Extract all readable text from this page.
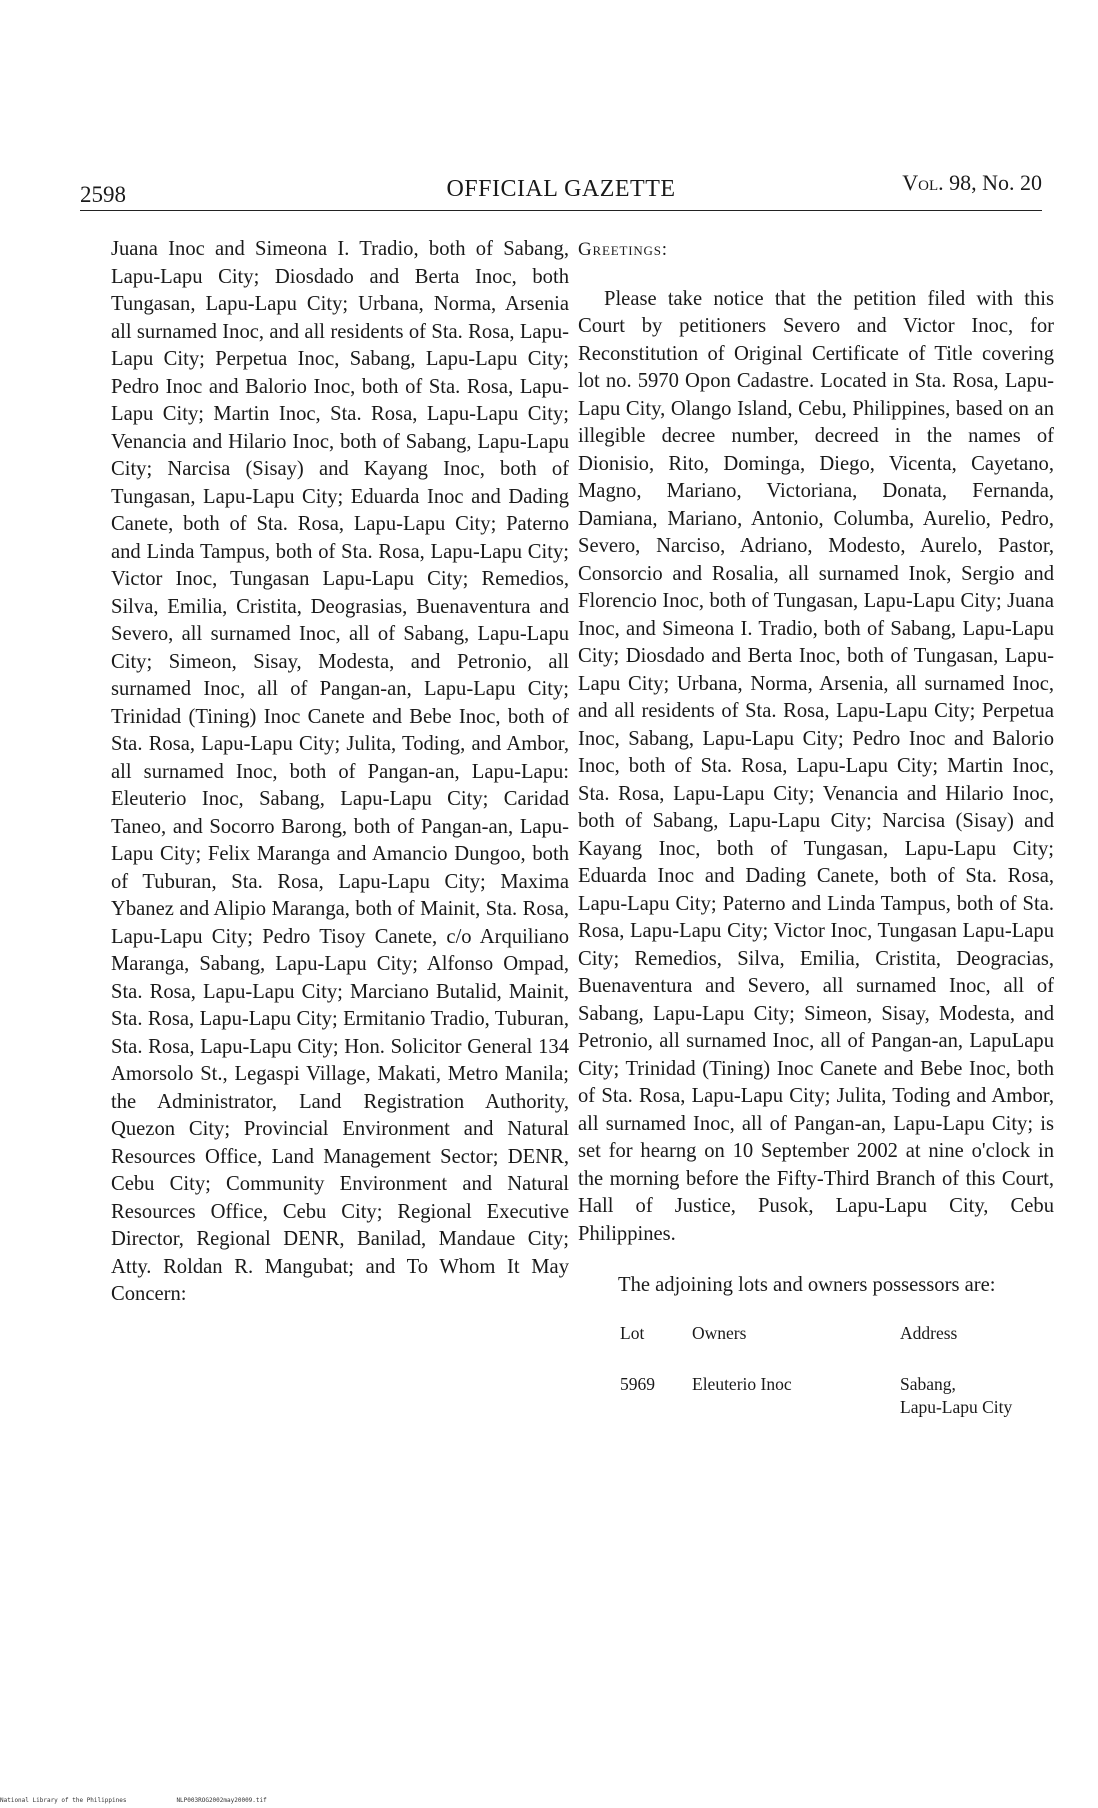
2598	OFFICIAL GAZETTE	Vol. 98, No. 20

Juana Inoc and Simeona I. Tradio, both of Sabang, Lapu-Lapu City; Diosdado and Berta Inoc, both Tungasan, Lapu-Lapu City; Urbana, Norma, Arsenia all surnamed Inoc, and all residents of Sta. Rosa, Lapu-Lapu City; Perpetua Inoc, Sabang, Lapu-Lapu City; Pedro Inoc and Balorio Inoc, both of Sta. Rosa, Lapu-Lapu City; Martin Inoc, Sta. Rosa, Lapu-Lapu City; Venancia and Hilario Inoc, both of Sabang, Lapu-Lapu City; Narcisa (Sisay) and Kayang Inoc, both of Tungasan, Lapu-Lapu City; Eduarda Inoc and Dading Canete, both of Sta. Rosa, Lapu-Lapu City; Paterno and Linda Tampus, both of Sta. Rosa, Lapu-Lapu City; Victor Inoc, Tungasan Lapu-Lapu City; Remedios, Silva, Emilia, Cristita, Deograsias, Buenaventura and Severo, all surnamed Inoc, all of Sabang, Lapu-Lapu City; Simeon, Sisay, Modesta, and Petronio, all surnamed Inoc, all of Pangan-an, Lapu-Lapu City; Trinidad (Tining) Inoc Canete and Bebe Inoc, both of Sta. Rosa, Lapu-Lapu City; Julita, Toding, and Ambor, all surnamed Inoc, both of Pangan-an, Lapu-Lapu: Eleuterio Inoc, Sabang, Lapu-Lapu City; Caridad Taneo, and Socorro Barong, both of Pangan-an, Lapu-Lapu City; Felix Maranga and Amancio Dungoo, both of Tuburan, Sta. Rosa, Lapu-Lapu City; Maxima Ybanez and Alipio Maranga, both of Mainit, Sta. Rosa, Lapu-Lapu City; Pedro Tisoy Canete, c/o Arquiliano Maranga, Sabang, Lapu-Lapu City; Alfonso Ompad, Sta. Rosa, Lapu-Lapu City; Marciano Butalid, Mainit, Sta. Rosa, Lapu-Lapu City; Ermitanio Tradio, Tuburan, Sta. Rosa, Lapu-Lapu City; Hon. Solicitor General 134 Amorsolo St., Legaspi Village, Makati, Metro Manila; the Administrator, Land Registration Authority, Quezon City; Provincial Environment and Natural Resources Office, Land Management Sector; DENR, Cebu City; Community Environment and Natural Resources Office, Cebu City; Regional Executive Director, Regional DENR, Banilad, Mandaue City; Atty. Roldan R. Mangubat; and To Whom It May Concern:

Greetings:

Please take notice that the petition filed with this Court by petitioners Severo and Victor Inoc, for Reconstitution of Original Certificate of Title covering lot no. 5970 Opon Cadastre. Located in Sta. Rosa, Lapu-Lapu City, Olango Island, Cebu, Philippines, based on an illegible decree number, decreed in the names of Dionisio, Rito, Dominga, Diego, Vicenta, Cayetano, Magno, Mariano, Victoriana, Donata, Fernanda, Damiana, Mariano, Antonio, Columba, Aurelio, Pedro, Severo, Narciso, Adriano, Modesto, Aurelo, Pastor, Consorcio and Rosalia, all surnamed Inok, Sergio and Florencio Inoc, both of Tungasan, Lapu-Lapu City; Juana Inoc, and Simeona I. Tradio, both of Sabang, Lapu-Lapu City; Diosdado and Berta Inoc, both of Tungasan, Lapu-Lapu City; Urbana, Norma, Arsenia, all surnamed Inoc, and all residents of Sta. Rosa, Lapu-Lapu City; Perpetua Inoc, Sabang, Lapu-Lapu City; Pedro Inoc and Balorio Inoc, both of Sta. Rosa, Lapu-Lapu City; Martin Inoc, Sta. Rosa, Lapu-Lapu City; Venancia and Hilario Inoc, both of Sabang, Lapu-Lapu City; Narcisa (Sisay) and Kayang Inoc, both of Tungasan, Lapu-Lapu City; Eduarda Inoc and Dading Canete, both of Sta. Rosa, Lapu-Lapu City; Paterno and Linda Tampus, both of Sta. Rosa, Lapu-Lapu City; Victor Inoc, Tungasan Lapu-Lapu City; Remedios, Silva, Emilia, Cristita, Deogracias, Buenaventura and Severo, all surnamed Inoc, all of Sabang, Lapu-Lapu City; Simeon, Sisay, Modesta, and Petronio, all surnamed Inoc, all of Pangan-an, LapuLapu City; Trinidad (Tining) Inoc Canete and Bebe Inoc, both of Sta. Rosa, Lapu-Lapu City; Julita, Toding and Ambor, all surnamed Inoc, all of Pangan-an, Lapu-Lapu City; is set for hearng on 10 September 2002 at nine o'clock in the morning before the Fifty-Third Branch of this Court, Hall of Justice, Pusok, Lapu-Lapu City, Cebu Philippines.

The adjoining lots and owners possessors are:

Lot	Owners	Address
5969	Eleuterio Inoc	Sabang,
Lapu-Lapu City
National Library of the Philippines	NLP003ROG2002may20009.tif
